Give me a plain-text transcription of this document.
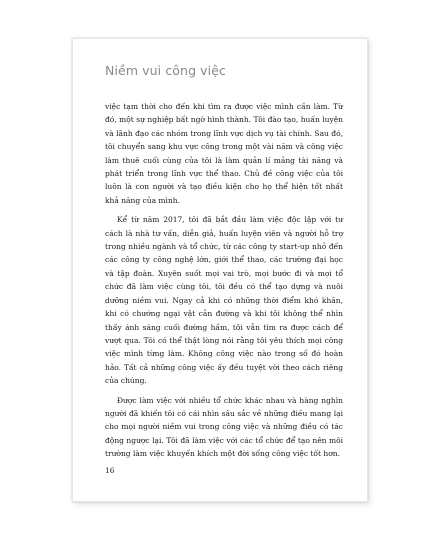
Niềm vui công việc

việc tạm thời cho đến khi tìm ra được việc mình cần làm. Từ đó, một sự nghiệp bất ngờ hình thành. Tôi đào tạo, huấn luyện và lãnh đạo các nhóm trong lĩnh vực dịch vụ tài chính. Sau đó, tôi chuyển sang khu vực công trong một vài năm và công việc làm thuê cuối cùng của tôi là làm quản lí mảng tài năng và phát triển trong lĩnh vực thể thao. Chủ đề công việc của tôi luôn là con người và tạo điều kiện cho họ thể hiện tốt nhất khả năng của mình.

Kể từ năm 2017, tôi đã bắt đầu làm việc độc lập với tư cách là nhà tư vấn, diễn giả, huấn luyện viên và người hỗ trợ trong nhiều ngành và tổ chức, từ các công ty start-up nhỏ đến các công ty công nghệ lớn, giới thể thao, các trường đại học và tập đoàn. Xuyên suốt mọi vai trò, mọi bước đi và mọi tổ chức đã làm việc cùng tôi, tôi đều có thể tạo dựng và nuôi dưỡng niềm vui. Ngay cả khi có những thời điểm khó khăn, khi có chướng ngại vật cản đường và khi tôi không thể nhìn thấy ánh sáng cuối đường hầm, tôi vẫn tìm ra được cách để vượt qua. Tôi có thể thật lòng nói rằng tôi yêu thích mọi công việc mình từng làm. Không công việc nào trong số đó hoàn hảo. Tất cả những công việc ấy đều tuyệt vời theo cách riêng của chúng.

Được làm việc với nhiều tổ chức khác nhau và hàng nghìn người đã khiến tôi có cái nhìn sâu sắc về những điều mang lại cho mọi người niềm vui trong công việc và những điều có tác động ngược lại. Tôi đã làm việc với các tổ chức để tạo nên môi trường làm việc khuyến khích một đời sống công việc tốt hơn.

16
